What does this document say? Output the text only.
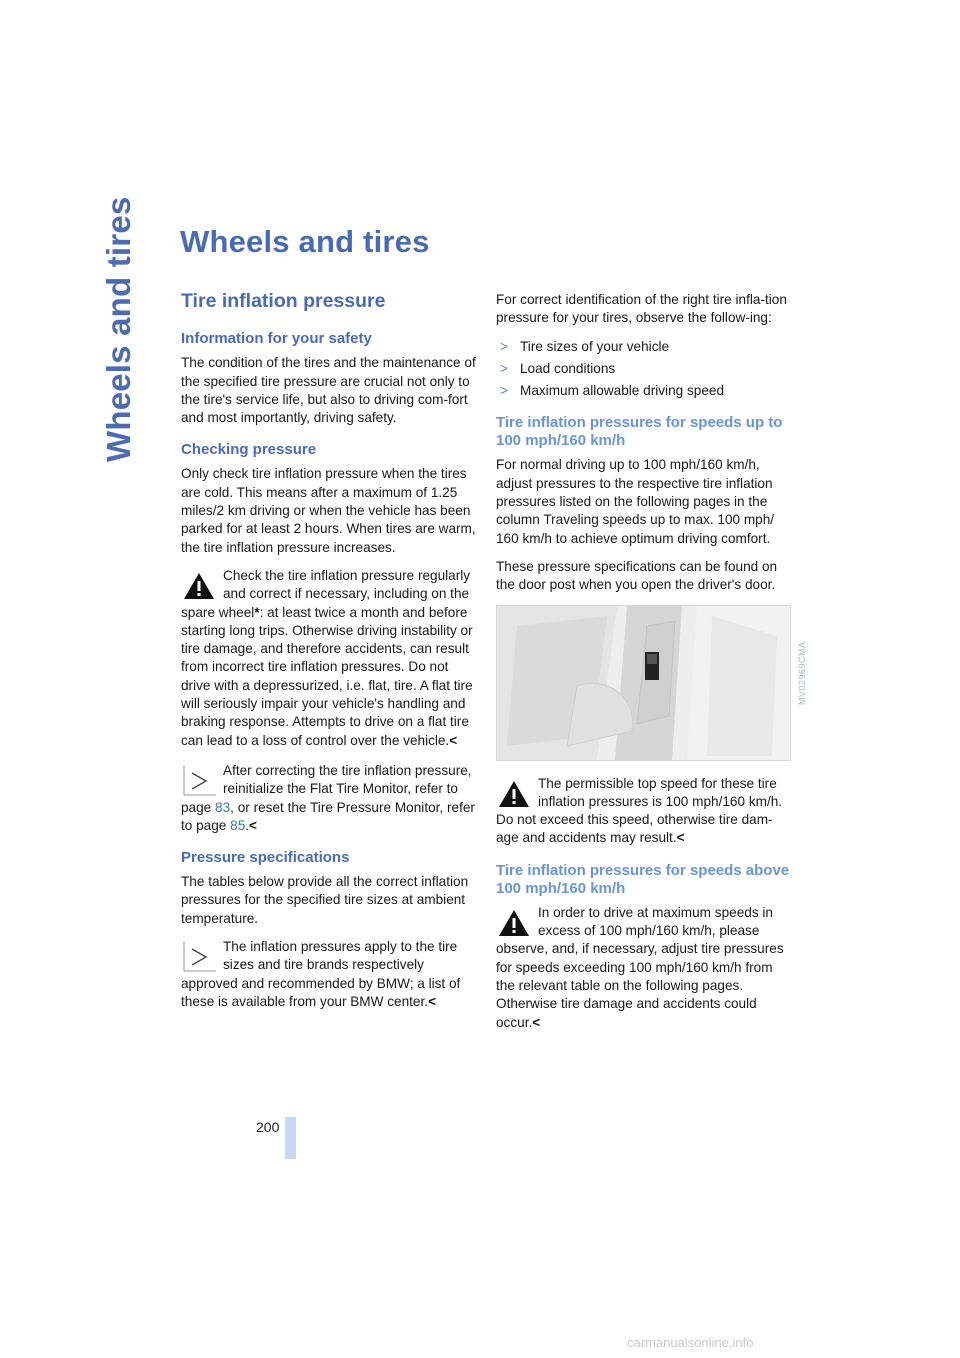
Wheels and tires Wheels and tires
Tire inflation pressure
Information for your safety

The condition of the tires and the maintenance of the specified tire pressure are crucial not only to the tire's service life, but also to driving com-fort and most importantly, driving safety.

Checking pressure

Only check tire inflation pressure when the tires are cold. This means after a maximum of 1.25 miles/2 km driving or when the vehicle has been parked for at least 2 hours. When tires are warm, the tire inflation pressure increases.

Check the tire inflation pressure regularly and correct if necessary, including on the spare wheel*: at least twice a month and before starting long trips. Otherwise driving instability or tire damage, and therefore accidents, can result from incorrect tire inflation pressures. Do not drive with a depressurized, i.e. flat, tire. A flat tire will seriously impair your vehicle's handling and braking response. Attempts to drive on a flat tire can lead to a loss of control over the vehicle.<
After correcting the tire inflation pressure, reinitialize the Flat Tire Monitor, refer to page 83, or reset the Tire Pressure Monitor, refer to page 85.<
Pressure specifications

The tables below provide all the correct inflation pressures for the specified tire sizes at ambient temperature.

The inflation pressures apply to the tire sizes and tire brands respectively approved and recommended by BMW; a list of these is available from your BMW center.<

For correct identification of the right tire infla-tion pressure for your tires, observe the follow-ing:

> Tire sizes of your vehicle
> Load conditions
> Maximum allowable driving speed
Tire inflation pressures for speeds up to 100 mph/160 km/h

For normal driving up to 100 mph/160 km/h, adjust pressures to the respective tire inflation pressures listed on the following pages in the column Traveling speeds up to max. 100 mph/ 160 km/h to achieve optimum driving comfort.

These pressure specifications can be found on the door post when you open the driver's door.

The permissible top speed for these tire inflation pressures is 100 mph/160 km/h. Do not exceed this speed, otherwise tire dam-age and accidents may result.<
Tire inflation pressures for speeds above 100 mph/160 km/h
In order to drive at maximum speeds in excess of 100 mph/160 km/h, please observe, and, if necessary, adjust tire pressures for speeds exceeding 100 mph/160 km/h from the relevant table on the following pages. Otherwise tire damage and accidents could occur.<
MV02969CMA
200
carmanualsonline.info
